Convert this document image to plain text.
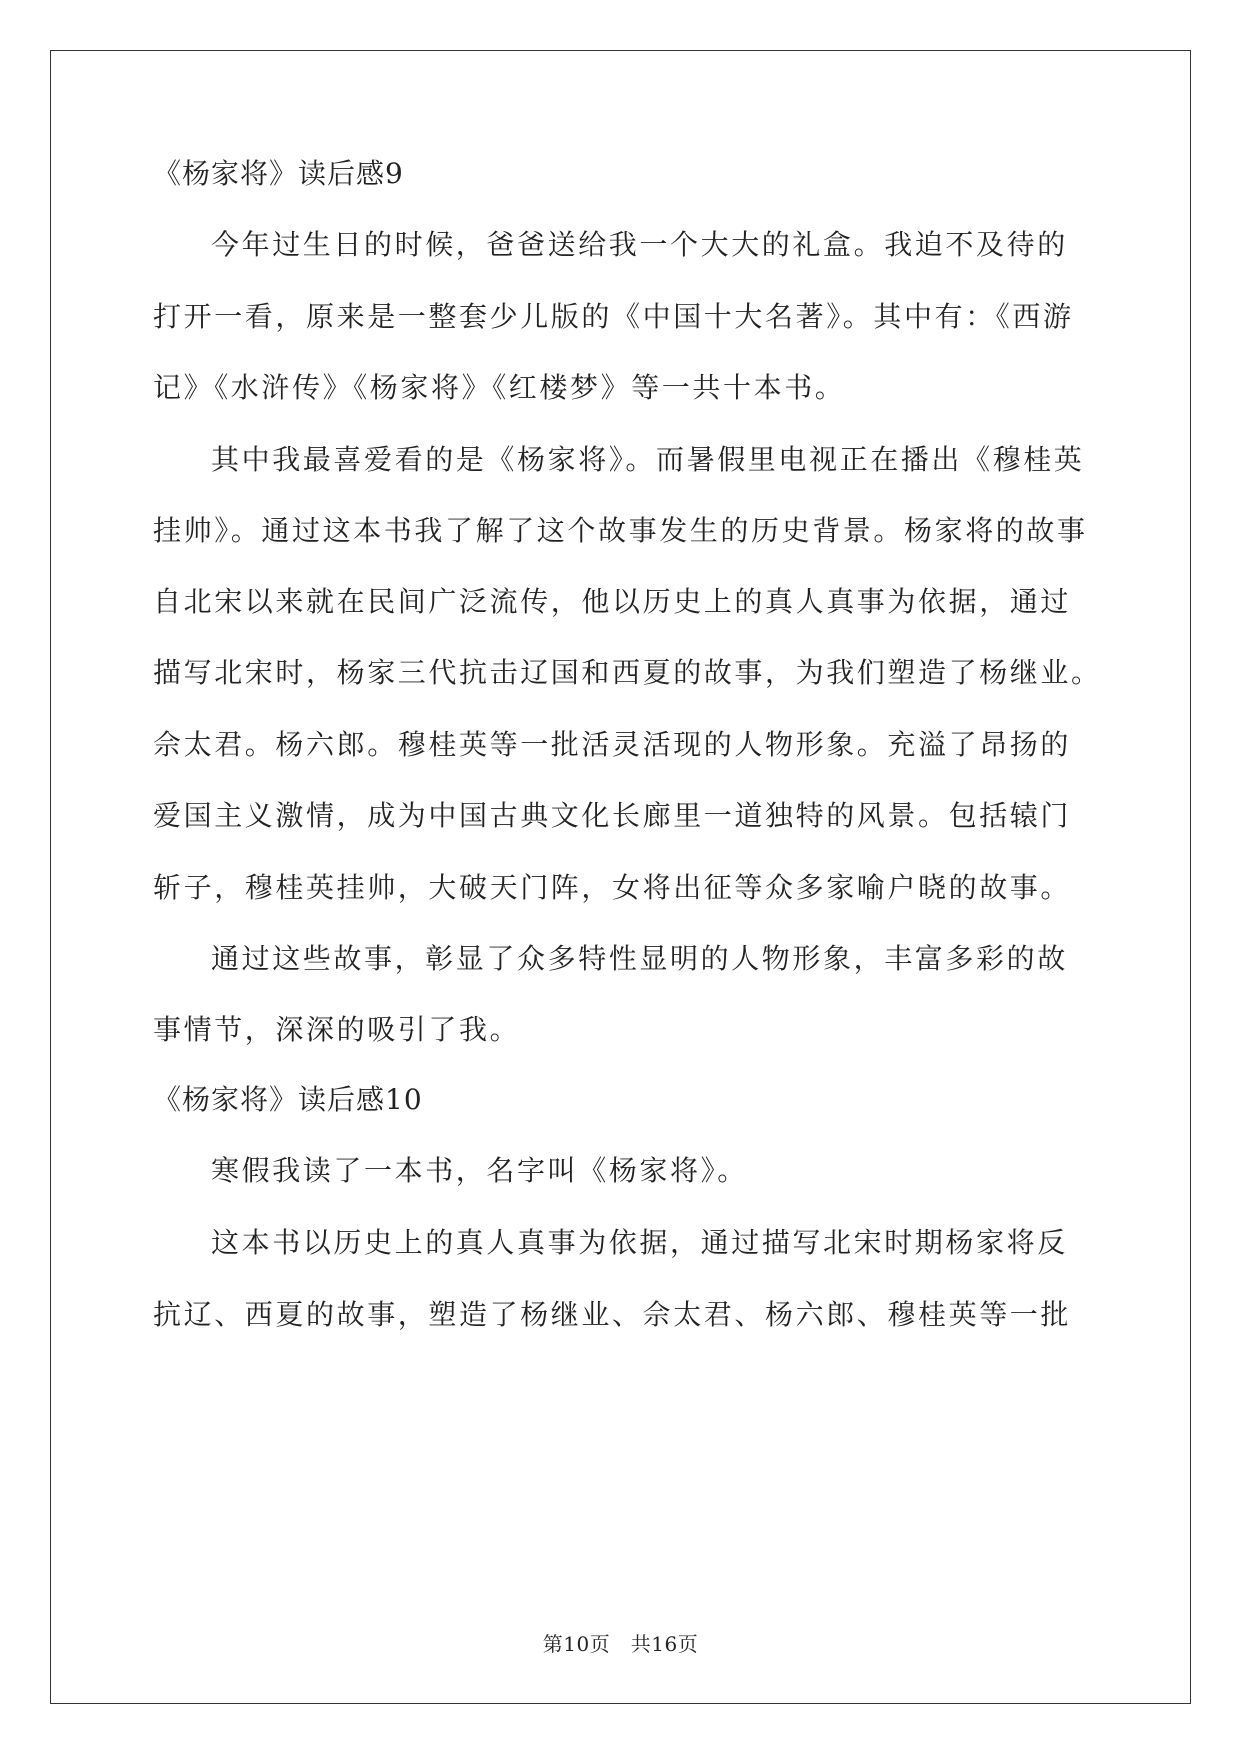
《杨家将》读后感9
今年过生日的时候，爸爸送给我一个大大的礼盒。我迫不及待的
打开一看，原来是一整套少儿版的《中国十大名著》。其中有：《西游
记》《水浒传》《杨家将》《红楼梦》等一共十本书。
其中我最喜爱看的是《杨家将》。而暑假里电视正在播出《穆桂英
挂帅》。通过这本书我了解了这个故事发生的历史背景。杨家将的故事
自北宋以来就在民间广泛流传，他以历史上的真人真事为依据，通过
描写北宋时，杨家三代抗击辽国和西夏的故事，为我们塑造了杨继业。
佘太君。杨六郎。穆桂英等一批活灵活现的人物形象。充溢了昂扬的
爱国主义激情，成为中国古典文化长廊里一道独特的风景。包括辕门
斩子，穆桂英挂帅，大破天门阵，女将出征等众多家喻户晓的故事。
通过这些故事，彰显了众多特性显明的人物形象，丰富多彩的故
事情节，深深的吸引了我。
《杨家将》读后感10
寒假我读了一本书，名字叫《杨家将》。
这本书以历史上的真人真事为依据，通过描写北宋时期杨家将反
抗辽、西夏的故事，塑造了杨继业、佘太君、杨六郎、穆桂英等一批
第10页 共16页
